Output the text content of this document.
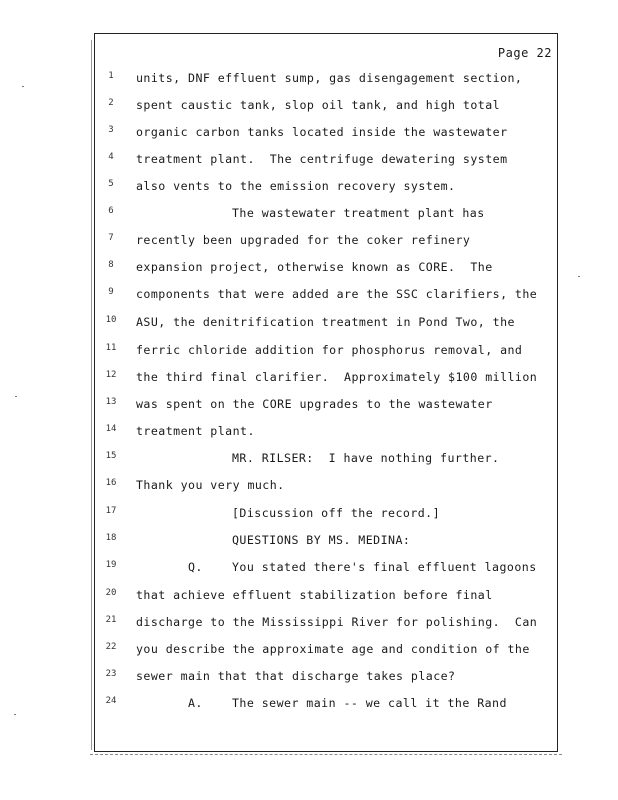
Page 22
1	units, DNF effluent sump, gas disengagement section,
2	spent caustic tank, slop oil tank, and high total
3	organic carbon tanks located inside the wastewater
4	treatment plant.  The centrifuge dewatering system
5	also vents to the emission recovery system.
6	The wastewater treatment plant has
7	recently been upgraded for the coker refinery
8	expansion project, otherwise known as CORE.  The
9	components that were added are the SSC clarifiers, the
10	ASU, the denitrification treatment in Pond Two, the
11	ferric chloride addition for phosphorus removal, and
12	the third final clarifier.  Approximately $100 million
13	was spent on the CORE upgrades to the wastewater
14	treatment plant.
15	MR. RILSER:  I have nothing further.
16	Thank you very much.
17	[Discussion off the record.]
18	QUESTIONS BY MS. MEDINA:
19	Q.	You stated there's final effluent lagoons
20	that achieve effluent stabilization before final
21	discharge to the Mississippi River for polishing.  Can
22	you describe the approximate age and condition of the
23	sewer main that that discharge takes place?
24	A.	The sewer main -- we call it the Rand
